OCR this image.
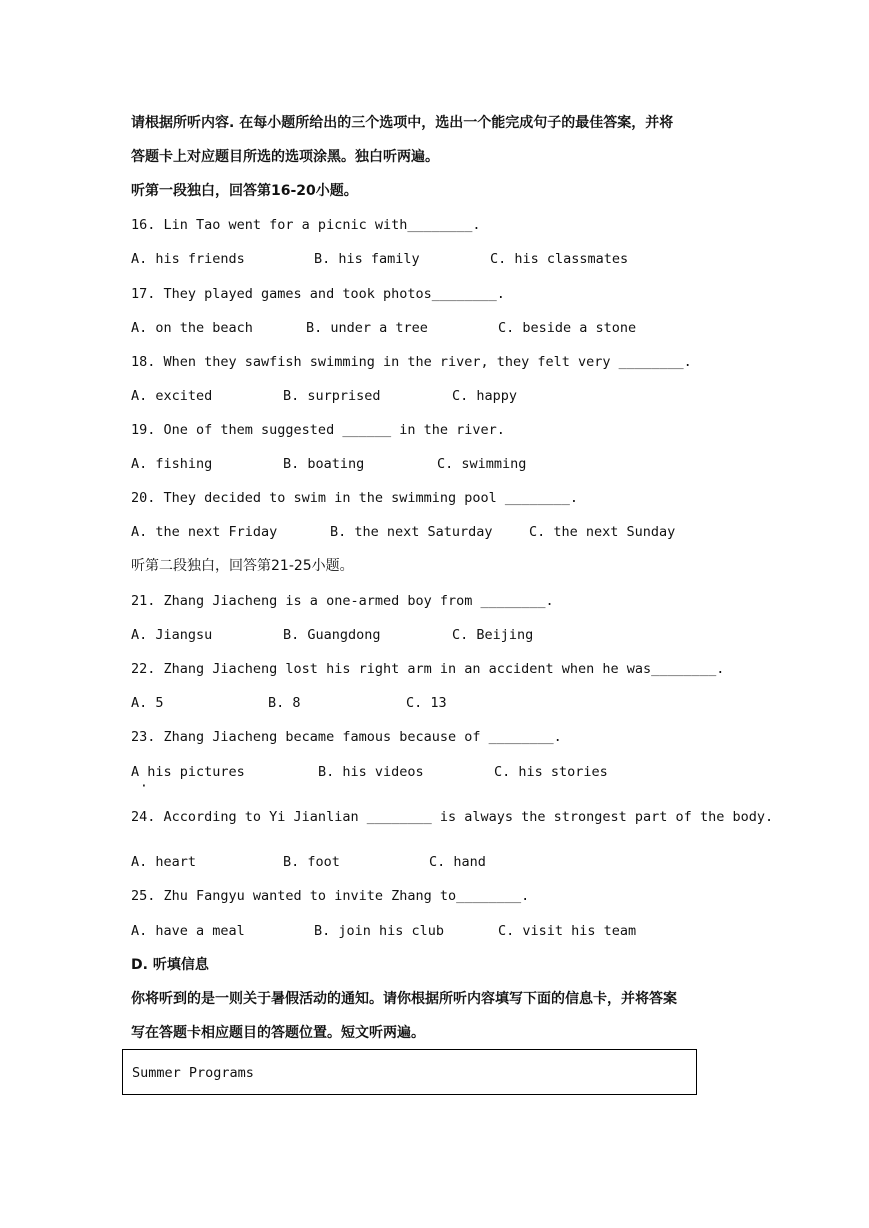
请根据所听内容. 在每小题所给出的三个选项中，选出一个能完成句子的最佳答案，并将
答题卡上对应题目所选的选项涂黑。独白听两遍。
听第一段独白，回答第16-20小题。
16. Lin Tao went for a picnic with________.
A. his friends	B. his family	C. his classmates
17. They played games and took photos________.
A. on the beach	B. under a tree	C. beside a stone
18. When they sawfish swimming in the river, they felt very ________.
A. excited	B. surprised	C. happy
19. One of them suggested ______ in the river.
A. fishing	B. boating	C. swimming
20. They decided to swim in the swimming pool ________.
A. the next Friday	B. the next Saturday	C. the next Sunday
听第二段独白，回答第21-25小题。
21. Zhang Jiacheng is a one-armed boy from ________.
A. Jiangsu	B. Guangdong	C. Beijing
22. Zhang Jiacheng lost his right arm in an accident when he was________.
A. 5	B. 8	C. 13
23. Zhang Jiacheng became famous because of ________.
A his pictures	B. his videos	C. his stories
·
24. According to Yi Jianlian ________ is always the strongest part of the body.
A. heart	B. foot	C. hand
25. Zhu Fangyu wanted to invite Zhang to________.
A. have a meal	B. join his club	C. visit his team
D. 听填信息
你将听到的是一则关于暑假活动的通知。请你根据所听内容填写下面的信息卡，并将答案
写在答题卡相应题目的答题位置。短文听两遍。
Summer Programs
